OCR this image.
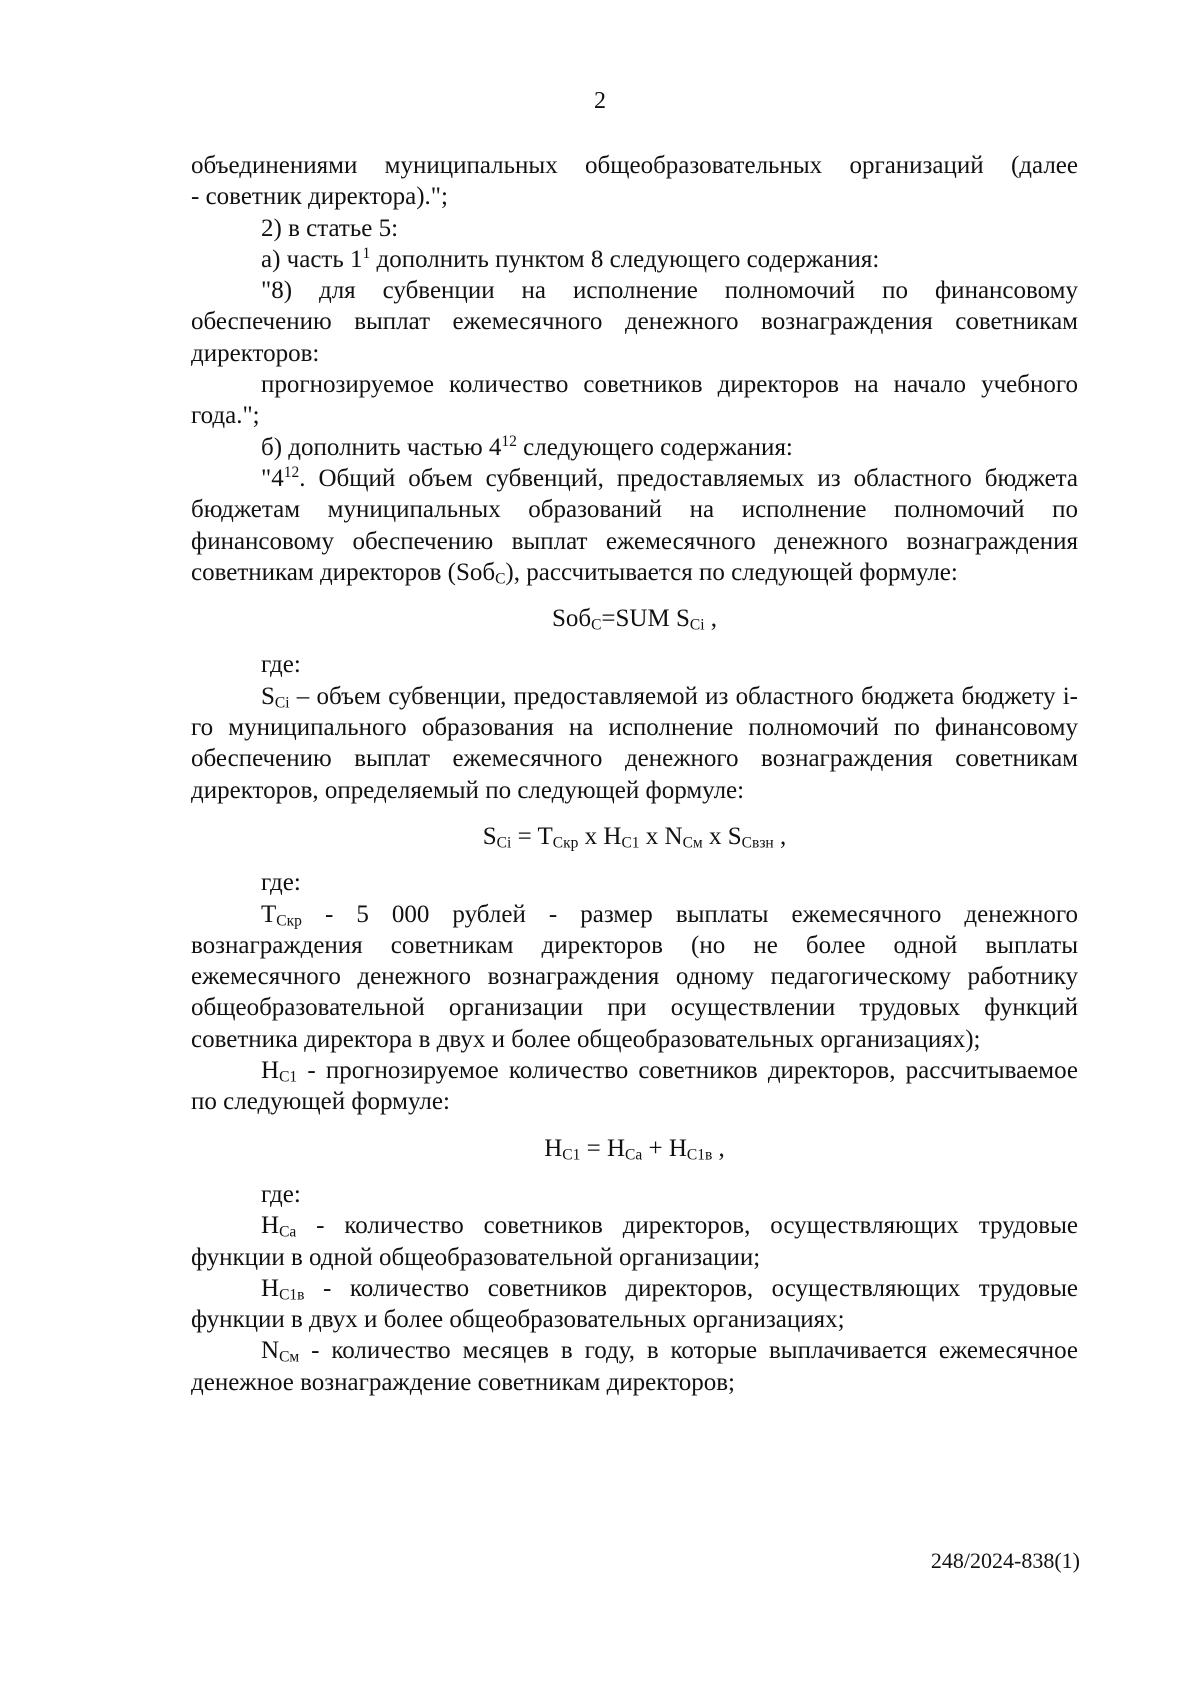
2

объединениями муниципальных общеобразовательных организаций (далее

- советник директора).";

2) в статье 5:

а) часть $1^1$ дополнить пунктом 8 следующего содержания:

"8) для субвенции на исполнение полномочий по финансовому обеспечению выплат ежемесячного денежного вознаграждения советникам директоров:

прогнозируемое количество советников директоров на начало учебного года.";

б) дополнить частью $4^{12}$ следующего содержания:

"$4^{12}$. Общий объем субвенций, предоставляемых из областного бюджета бюджетам муниципальных образований на исполнение полномочий по финансовому обеспечению выплат ежемесячного денежного вознаграждения советникам директоров (Sоб$_С$), рассчитывается по следующей формуле:

Sоб$_С$=SUM $S_{Сi}$ ,

где:

$S_{Сi}$ – объем субвенции, предоставляемой из областного бюджета бюджету i-го муниципального образования на исполнение полномочий по финансовому обеспечению выплат ежемесячного денежного вознаграждения советникам директоров, определяемый по следующей формуле:

$S_{Сi} = T_{Скр}$ x $H_{С1}$ x $N_{См}$ x $S_{Свзн}$ ,

где:

$T_{Скр} - 5$ 000 рублей - размер выплаты ежемесячного денежного вознаграждения советникам директоров (но не более одной выплаты ежемесячного денежного вознаграждения одному педагогическому работнику общеобразовательной организации при осуществлении трудовых функций советника директора в двух и более общеобразовательных организациях);

$H_{С1}$ - прогнозируемое количество советников директоров, рассчитываемое по следующей формуле:

$H_{С1} = H_{Са} + H_{С1в}$ ,

где:

$H_{Са}$ - количество советников директоров, осуществляющих трудовые функции в одной общеобразовательной организации;

$H_{С1в}$ - количество советников директоров, осуществляющих трудовые функции в двух и более общеобразовательных организациях;

$N_{См}$ - количество месяцев в году, в которые выплачивается ежемесячное денежное вознаграждение советникам директоров;

248/2024-838(1)
